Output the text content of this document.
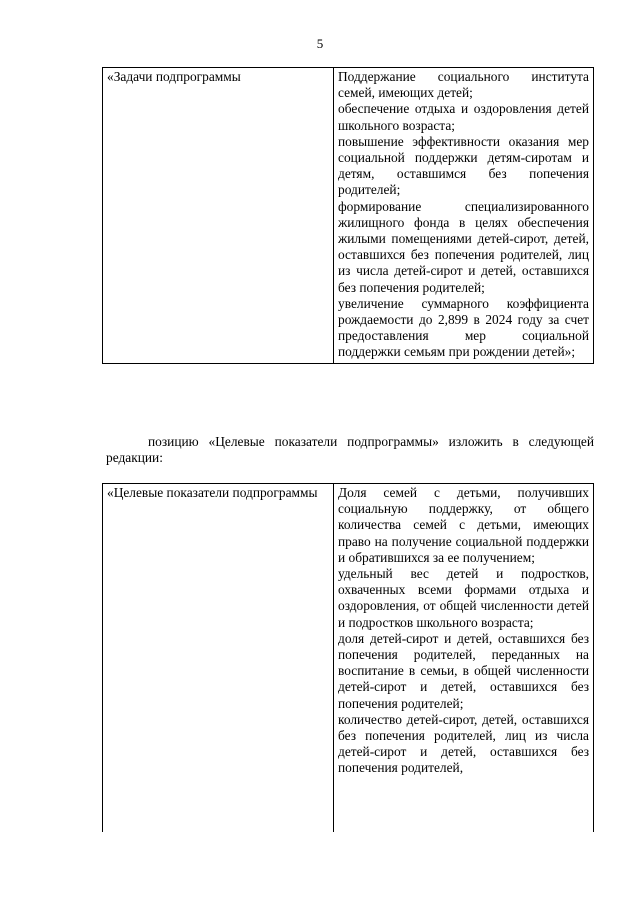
5
«Задачи подпрограммы	Поддержание социального института семей, имеющих детей;

обеспечение отдыха и оздоровления детей школьного возраста;

повышение эффективности оказания мер социальной поддержки детям-сиротам и детям, оставшимся без попечения родителей;

формирование специализированного жилищного фонда в целях обеспечения жилыми помещениями детей-сирот, детей, оставшихся без попечения родителей, лиц из числа детей-сирот и детей, оставшихся без попечения родителей;

увеличение суммарного коэффициента рождаемости до 2,899 в 2024 году за счет предоставления мер социальной поддержки семьям при рождении детей»;

позицию «Целевые показатели подпрограммы» изложить в следующей редакции:

«Целевые показатели подпрограммы	Доля семей с детьми, получивших социальную поддержку, от общего количества семей с детьми, имеющих право на получение социальной поддержки и обратившихся за ее получением;

удельный вес детей и подростков, охваченных всеми формами отдыха и оздоровления, от общей численности детей и подростков школьного возраста;

доля детей-сирот и детей, оставшихся без попечения родителей, переданных на воспитание в семьи, в общей численности детей-сирот и детей, оставшихся без попечения родителей;

количество детей-сирот, детей, оставшихся без попечения родителей, лиц из числа детей-сирот и детей, оставшихся без попечения родителей,
